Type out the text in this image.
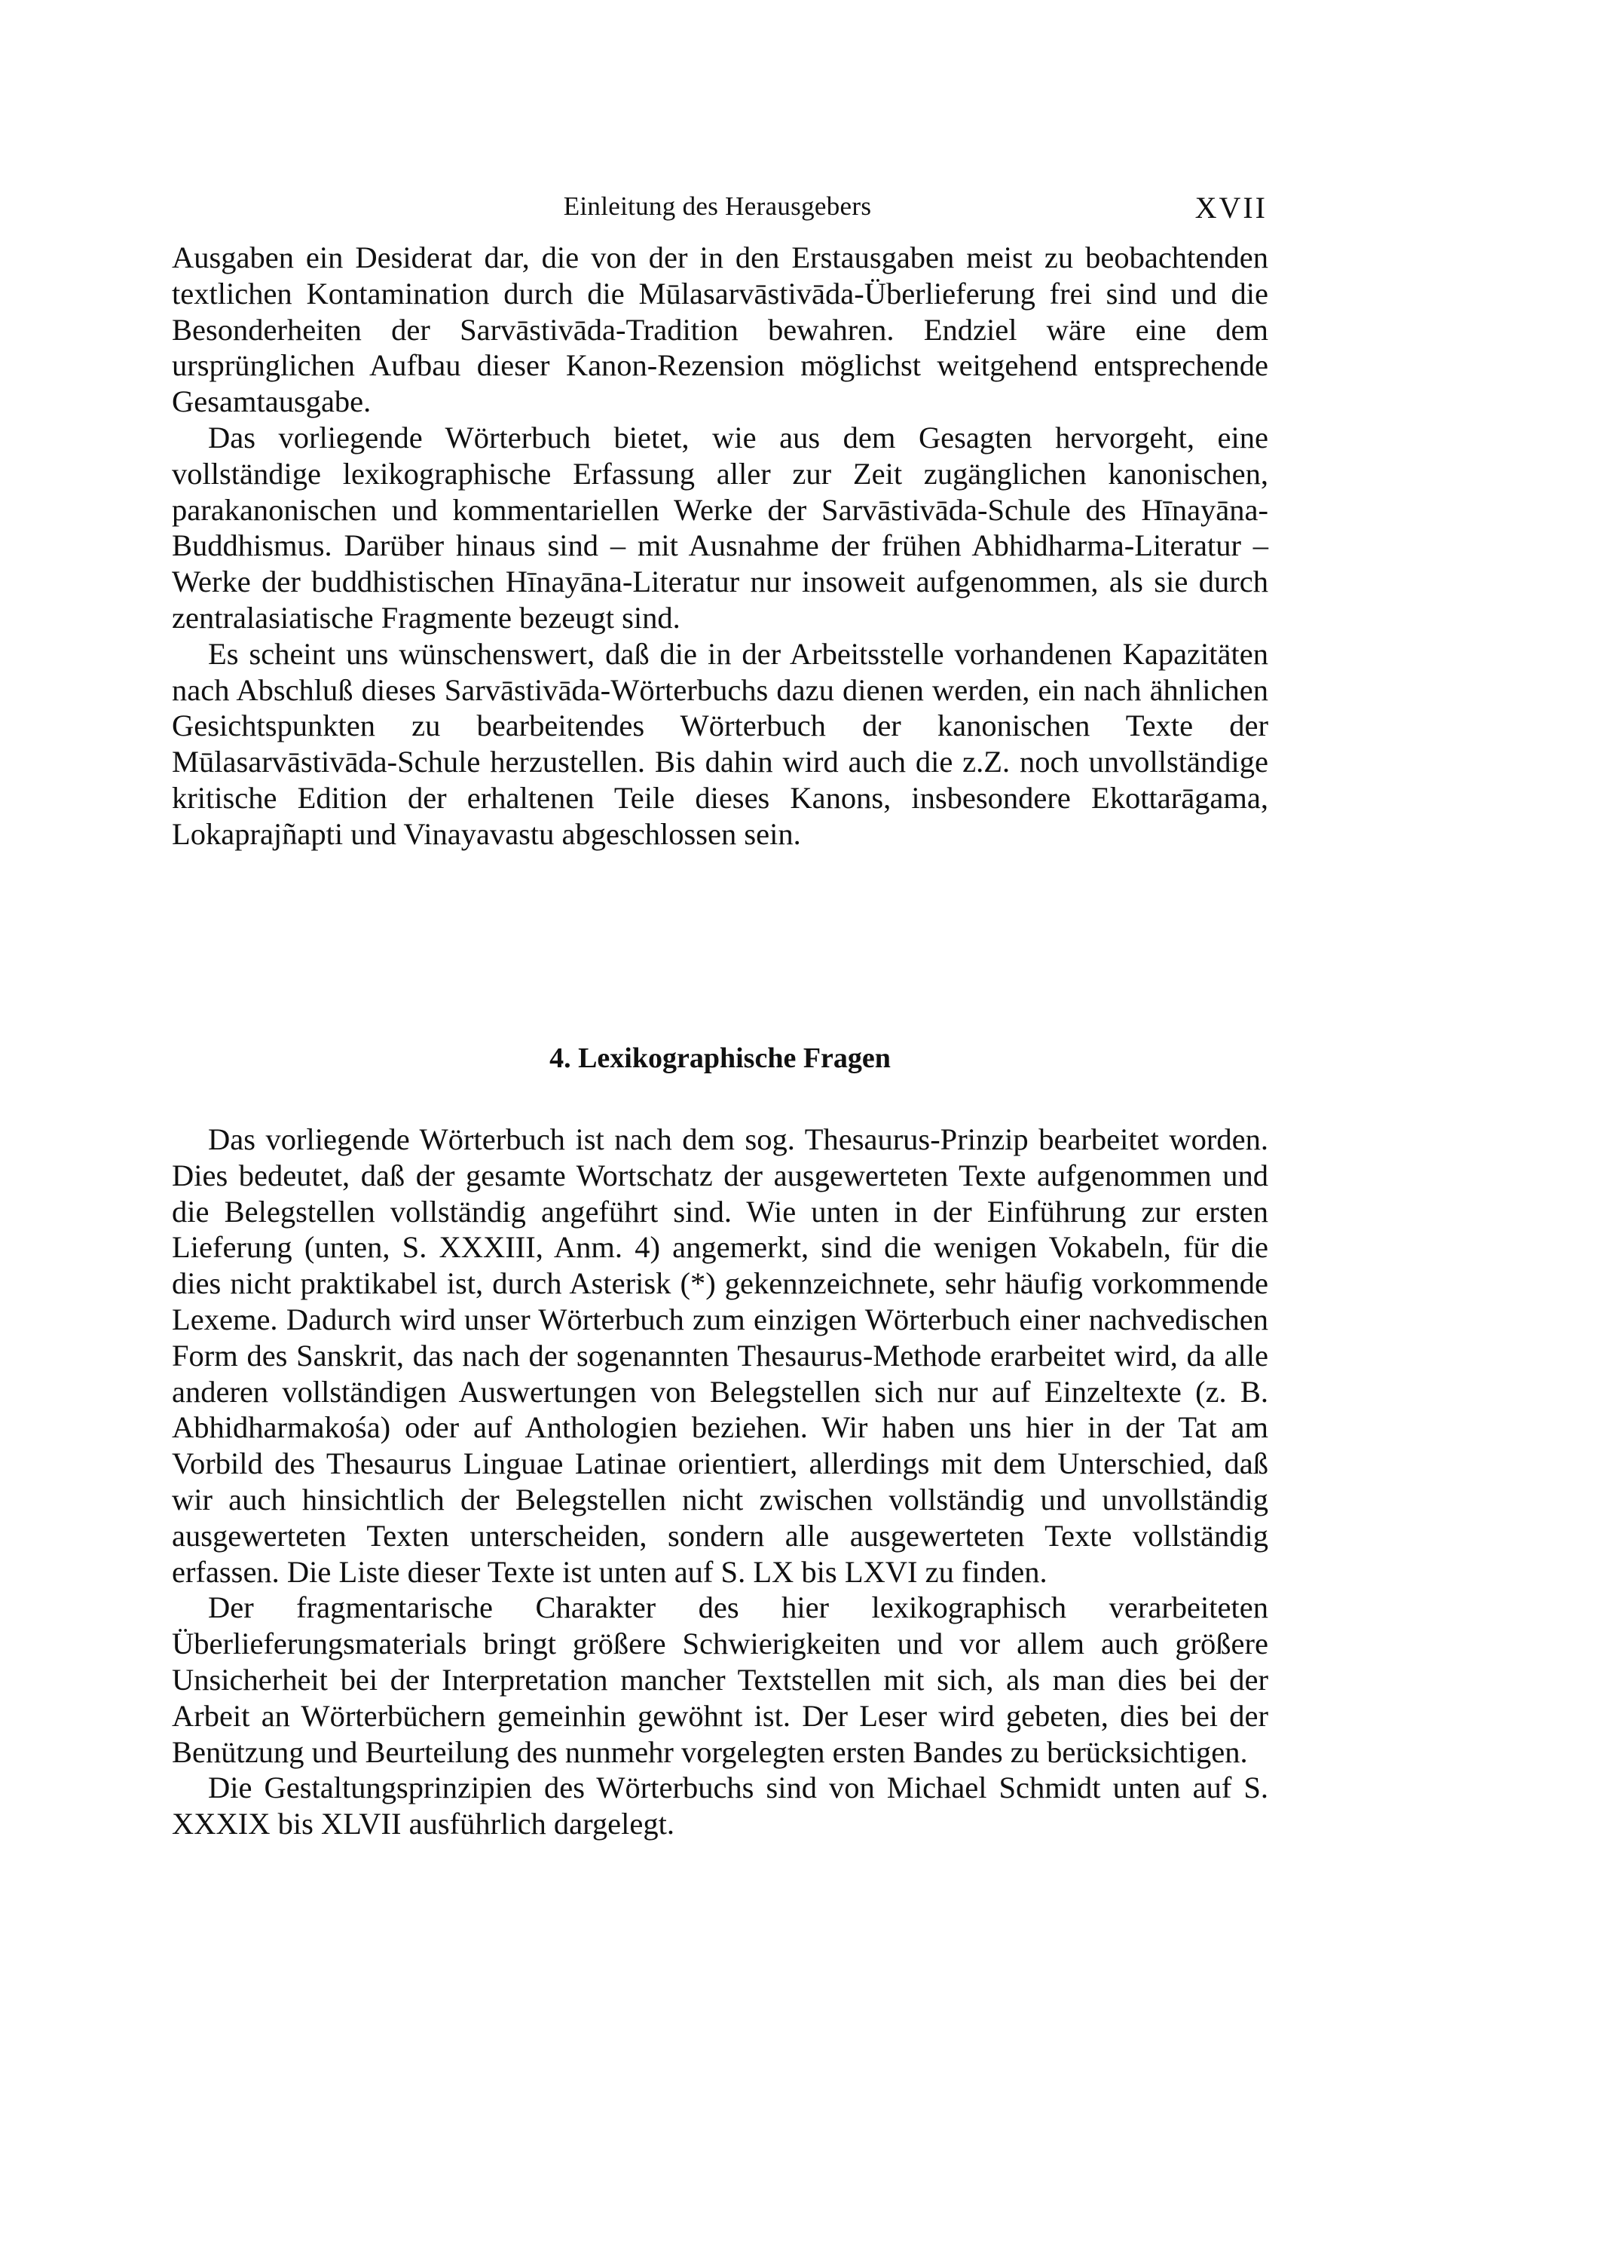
Einleitung des Herausgebers	XVII

Ausgaben ein Desiderat dar, die von der in den Erstausgaben meist zu beobachtenden textlichen Kontamination durch die Mūlasarvāstivāda-Überlieferung frei sind und die Besonderheiten der Sarvāstivāda-Tradition bewahren. Endziel wäre eine dem ursprünglichen Aufbau dieser Kanon-Rezension möglichst weitgehend entsprechende Gesamtausgabe.

Das vorliegende Wörterbuch bietet, wie aus dem Gesagten hervorgeht, eine vollständige lexikographische Erfassung aller zur Zeit zugänglichen kanonischen, parakanonischen und kommentariellen Werke der Sarvāstivāda-Schule des Hīnayāna-Buddhismus. Darüber hinaus sind – mit Ausnahme der frühen Abhidharma-Literatur – Werke der buddhistischen Hīnayāna-Literatur nur insoweit aufgenommen, als sie durch zentralasiatische Fragmente bezeugt sind.

Es scheint uns wünschenswert, daß die in der Arbeitsstelle vorhandenen Kapazitäten nach Abschluß dieses Sarvāstivāda-Wörterbuchs dazu dienen werden, ein nach ähnlichen Gesichtspunkten zu bearbeitendes Wörterbuch der kanonischen Texte der Mūlasarvāstivāda-Schule herzustellen. Bis dahin wird auch die z.Z. noch unvollständige kritische Edition der erhaltenen Teile dieses Kanons, insbesondere Ekottarāgama, Lokaprajñapti und Vinayavastu abgeschlossen sein.

4. Lexikographische Fragen

Das vorliegende Wörterbuch ist nach dem sog. Thesaurus-Prinzip bearbeitet worden. Dies bedeutet, daß der gesamte Wortschatz der ausgewerteten Texte aufgenommen und die Belegstellen vollständig angeführt sind. Wie unten in der Einführung zur ersten Lieferung (unten, S. XXXIII, Anm. 4) angemerkt, sind die wenigen Vokabeln, für die dies nicht praktikabel ist, durch Asterisk (*) gekennzeichnete, sehr häufig vorkommende Lexeme. Dadurch wird unser Wörterbuch zum einzigen Wörterbuch einer nachvedischen Form des Sanskrit, das nach der sogenannten Thesaurus-Methode erarbeitet wird, da alle anderen vollständigen Auswertungen von Belegstellen sich nur auf Einzeltexte (z. B. Abhidharmakośa) oder auf Anthologien beziehen. Wir haben uns hier in der Tat am Vorbild des Thesaurus Linguae Latinae orientiert, allerdings mit dem Unterschied, daß wir auch hinsichtlich der Belegstellen nicht zwischen vollständig und unvollständig ausgewerteten Texten unterscheiden, sondern alle ausgewerteten Texte vollständig erfassen. Die Liste dieser Texte ist unten auf S. LX bis LXVI zu finden.

Der fragmentarische Charakter des hier lexikographisch verarbeiteten Überlieferungsmaterials bringt größere Schwierigkeiten und vor allem auch größere Unsicherheit bei der Interpretation mancher Textstellen mit sich, als man dies bei der Arbeit an Wörterbüchern gemeinhin gewöhnt ist. Der Leser wird gebeten, dies bei der Benützung und Beurteilung des nunmehr vorgelegten ersten Bandes zu berücksichtigen.

Die Gestaltungsprinzipien des Wörterbuchs sind von Michael Schmidt unten auf S. XXXIX bis XLVII ausführlich dargelegt.
